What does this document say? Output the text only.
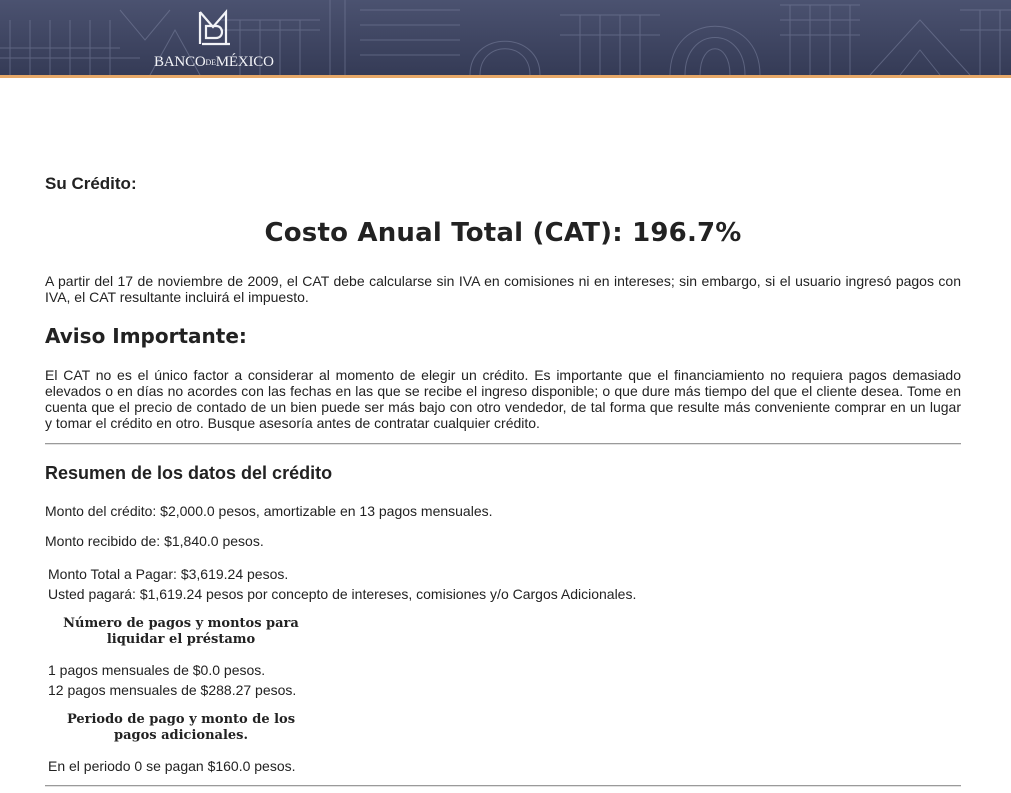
BANCODEMÉXICO

Su Crédito:

Costo Anual Total (CAT): 196.7%

A partir del 17 de noviembre de 2009, el CAT debe calcularse sin IVA en comisiones ni en intereses; sin embargo, si el usuario ingresó pagos con IVA, el CAT resultante incluirá el impuesto.

Aviso Importante:

El CAT no es el único factor a considerar al momento de elegir un crédito. Es importante que el financiamiento no requiera pagos demasiado elevados o en días no acordes con las fechas en las que se recibe el ingreso disponible; o que dure más tiempo del que el cliente desea. Tome en cuenta que el precio de contado de un bien puede ser más bajo con otro vendedor, de tal forma que resulte más conveniente comprar en un lugar y tomar el crédito en otro. Busque asesoría antes de contratar cualquier crédito.

Resumen de los datos del crédito

Monto del crédito: $2,000.0 pesos, amortizable en 13 pagos mensuales.

Monto recibido de: $1,840.0 pesos.

Monto Total a Pagar: $3,619.24 pesos.

Usted pagará: $1,619.24 pesos por concepto de intereses, comisiones y/o Cargos Adicionales.

Número de pagos y montos para
liquidar el préstamo

1 pagos mensuales de $0.0 pesos.

12 pagos mensuales de $288.27 pesos.

Periodo de pago y monto de los
pagos adicionales.

En el periodo 0 se pagan $160.0 pesos.
